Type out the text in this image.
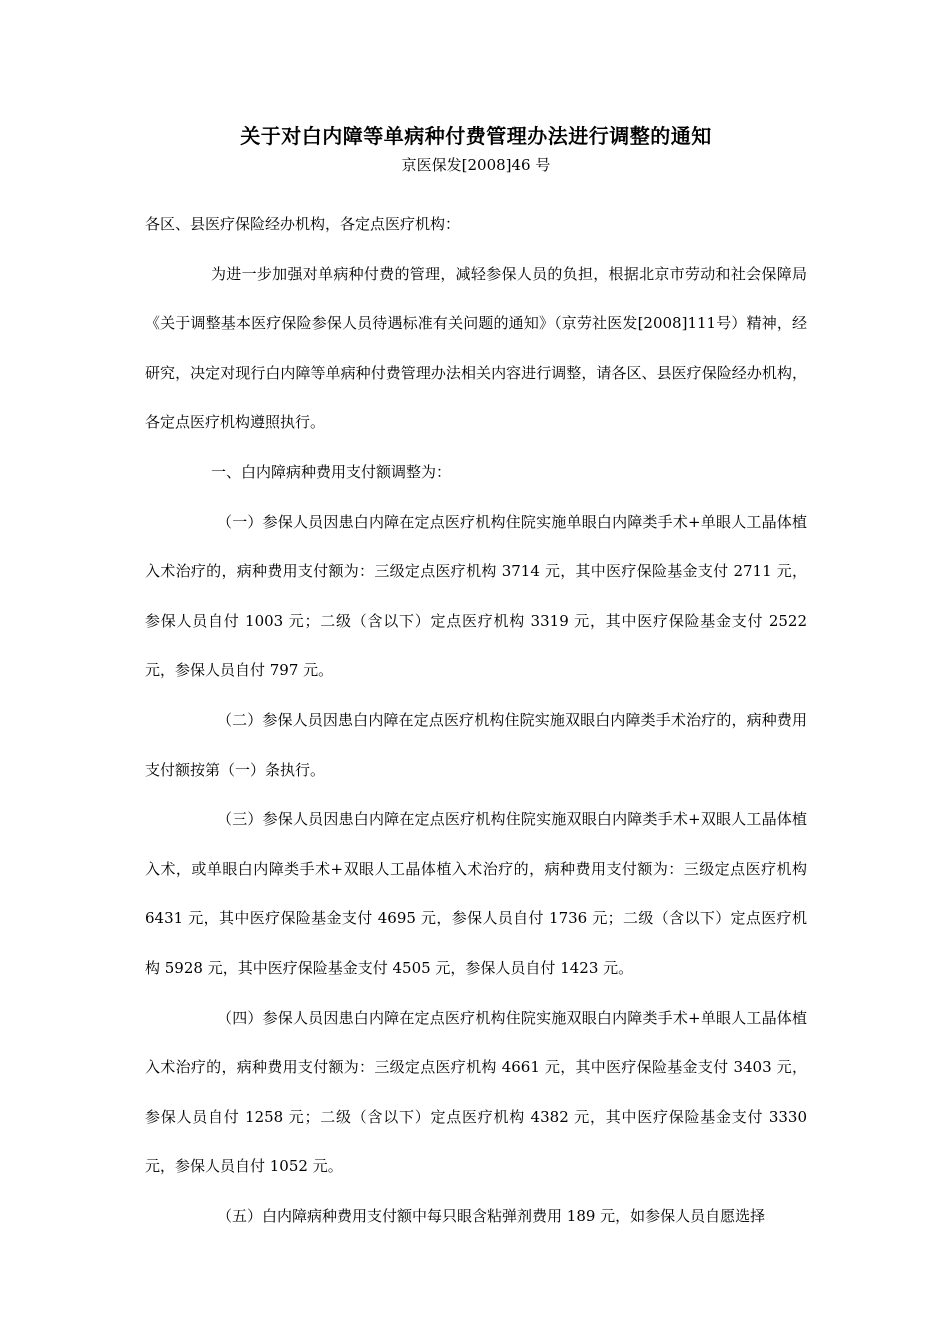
关于对白内障等单病种付费管理办法进行调整的通知
京医保发[2008]46 号

各区、县医疗保险经办机构，各定点医疗机构：

为进一步加强对单病种付费的管理，减轻参保人员的负担，根据北京市劳动和社会保障局《关于调整基本医疗保险参保人员待遇标准有关问题的通知》（京劳社医发[2008]111号）精神，经研究，决定对现行白内障等单病种付费管理办法相关内容进行调整，请各区、县医疗保险经办机构，各定点医疗机构遵照执行。

一、白内障病种费用支付额调整为：

（一）参保人员因患白内障在定点医疗机构住院实施单眼白内障类手术+单眼人工晶体植入术治疗的，病种费用支付额为：三级定点医疗机构 3714 元，其中医疗保险基金支付 2711 元，参保人员自付 1003 元；二级（含以下）定点医疗机构 3319 元，其中医疗保险基金支付 2522 元，参保人员自付 797 元。

（二）参保人员因患白内障在定点医疗机构住院实施双眼白内障类手术治疗的，病种费用支付额按第（一）条执行。

（三）参保人员因患白内障在定点医疗机构住院实施双眼白内障类手术+双眼人工晶体植入术，或单眼白内障类手术+双眼人工晶体植入术治疗的，病种费用支付额为：三级定点医疗机构 6431 元，其中医疗保险基金支付 4695 元，参保人员自付 1736 元；二级（含以下）定点医疗机构 5928 元，其中医疗保险基金支付 4505 元，参保人员自付 1423 元。

（四）参保人员因患白内障在定点医疗机构住院实施双眼白内障类手术+单眼人工晶体植入术治疗的，病种费用支付额为：三级定点医疗机构 4661 元，其中医疗保险基金支付 3403 元，参保人员自付 1258 元；二级（含以下）定点医疗机构 4382 元，其中医疗保险基金支付 3330 元，参保人员自付 1052 元。

（五）白内障病种费用支付额中每只眼含粘弹剂费用 189 元，如参保人员自愿选择
